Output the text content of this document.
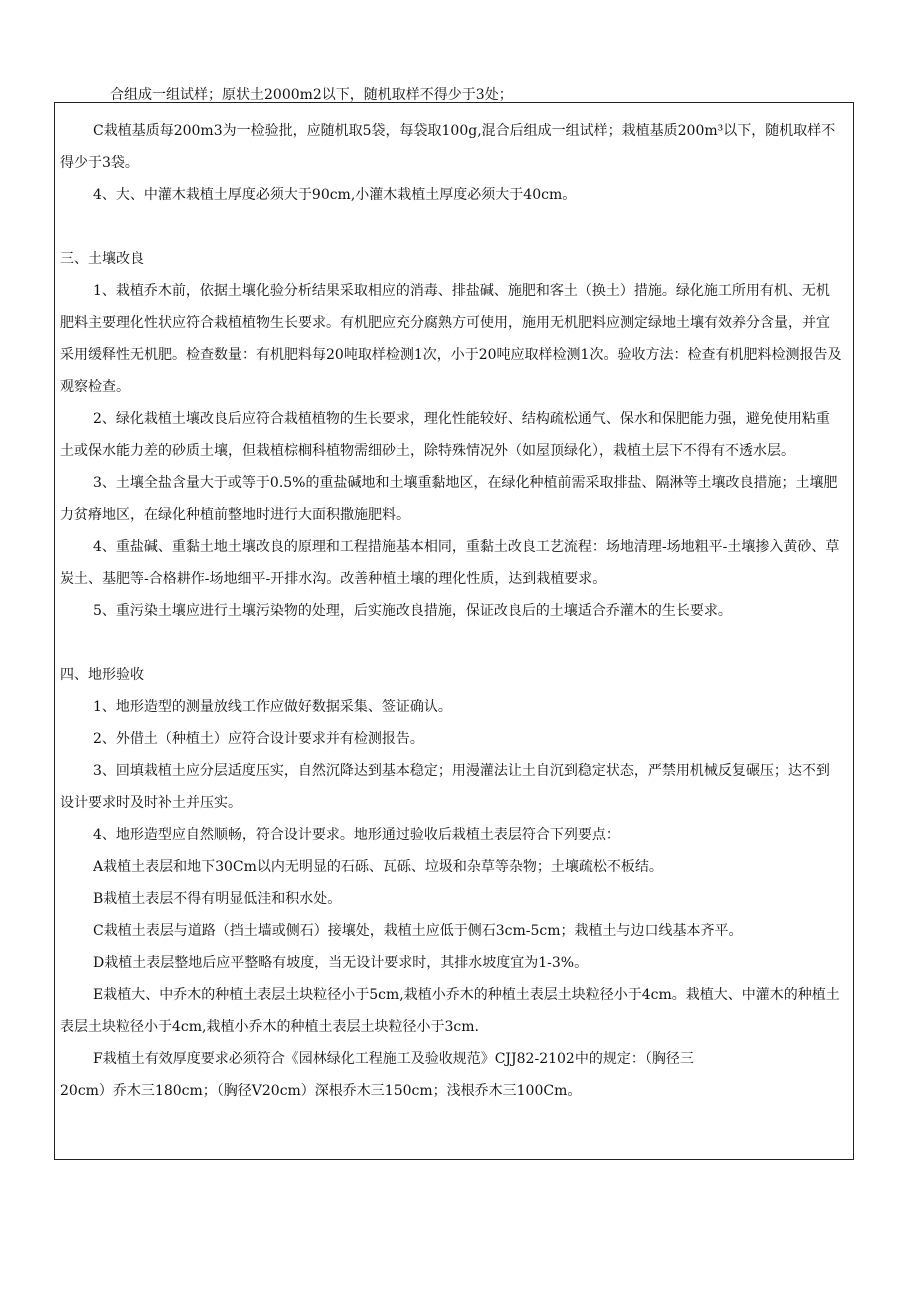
合组成一组试样；原状土2000m2以下，随机取样不得少于3处；

C栽植基质每200m3为一检验批，应随机取5袋，每袋取100g,混合后组成一组试样；栽植基质200m³以下，随机取样不得少于3袋。

4、大、中灌木栽植土厚度必须大于90cm,小灌木栽植土厚度必须大于40cm。

三、土壤改良

1、栽植乔木前，依据土壤化验分析结果采取相应的消毒、排盐碱、施肥和客土（换土）措施。绿化施工所用有机、无机肥料主要理化性状应符合栽植植物生长要求。有机肥应充分腐熟方可使用，施用无机肥料应测定绿地土壤有效养分含量，并宜采用缓释性无机肥。检查数量：有机肥料每20吨取样检测1次，小于20吨应取样检测1次。验收方法：检查有机肥料检测报告及观察检查。

2、绿化栽植土壤改良后应符合栽植植物的生长要求，理化性能较好、结构疏松通气、保水和保肥能力强，避免使用粘重土或保水能力差的砂质土壤，但栽植棕榈科植物需细砂土，除特殊情况外（如屋顶绿化），栽植土层下不得有不透水层。

3、土壤全盐含量大于或等于0.5%的重盐碱地和土壤重黏地区，在绿化种植前需采取排盐、隔淋等土壤改良措施；土壤肥力贫瘠地区，在绿化种植前整地时进行大面积撒施肥料。

4、重盐碱、重黏土地土壤改良的原理和工程措施基本相同，重黏土改良工艺流程：场地清理-场地粗平-土壤掺入黄砂、草炭土、基肥等-合格耕作-场地细平-开排水沟。改善种植土壤的理化性质，达到栽植要求。

5、重污染土壤应进行土壤污染物的处理，后实施改良措施，保证改良后的土壤适合乔灌木的生长要求。

四、地形验收

1、地形造型的测量放线工作应做好数据采集、签证确认。

2、外借土（种植土）应符合设计要求并有检测报告。

3、回填栽植土应分层适度压实，自然沉降达到基本稳定；用漫灌法让土自沉到稳定状态，严禁用机械反复碾压；达不到设计要求时及时补土并压实。

4、地形造型应自然顺畅，符合设计要求。地形通过验收后栽植土表层符合下列要点：

A栽植土表层和地下30Cm以内无明显的石砾、瓦砾、垃圾和杂草等杂物；土壤疏松不板结。

B栽植土表层不得有明显低洼和积水处。

C栽植土表层与道路（挡土墙或侧石）接壤处，栽植土应低于侧石3cm-5cm；栽植土与边口线基本齐平。

D栽植土表层整地后应平整略有坡度，当无设计要求时，其排水坡度宜为1-3%。

E栽植大、中乔木的种植土表层土块粒径小于5cm,栽植小乔木的种植土表层土块粒径小于4cm。栽植大、中灌木的种植土表层土块粒径小于4cm,栽植小乔木的种植土表层土块粒径小于3cm.

F栽植土有效厚度要求必须符合《园林绿化工程施工及验收规范》CJJ82-2102中的规定：（胸径三

20cm）乔木三180cm；（胸径V20cm）深根乔木三150cm；浅根乔木三100Cm。
